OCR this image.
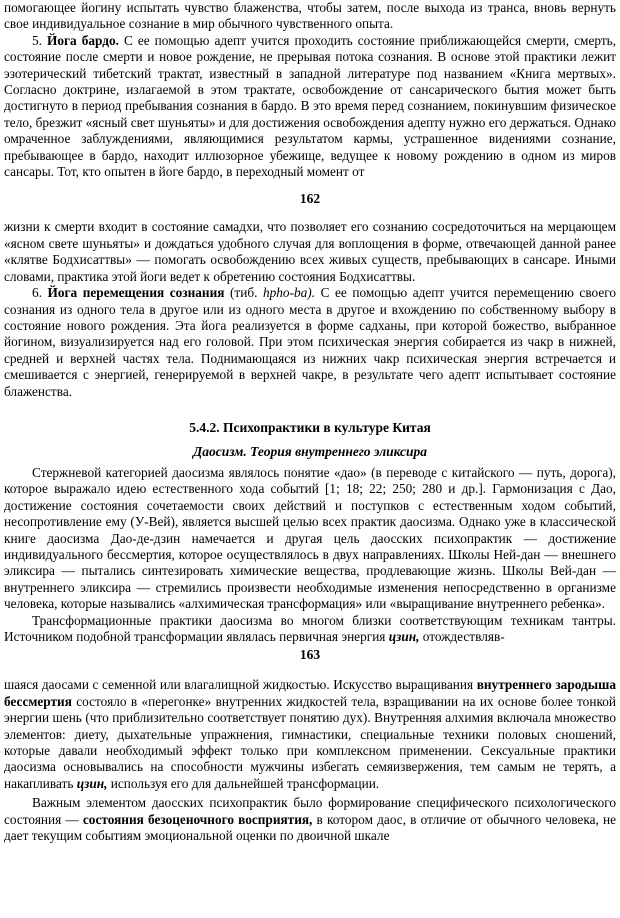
помогающее йогину испытать чувство блаженства, чтобы затем, после выхода из транса, вновь вернуть свое индивидуальное сознание в мир обычного чувственного опыта.

5. Йога бардо. С ее помощью адепт учится проходить состояние приближающейся смерти, смерть, состояние после смерти и новое рождение, не прерывая потока сознания. В основе этой практики лежит эзотерический тибетский трактат, известный в западной литературе под названием «Книга мертвых». Согласно доктрине, излагаемой в этом трактате, освобождение от сансарического бытия может быть достигнуто в период пребывания сознания в бардо. В это время перед сознанием, покинувшим физическое тело, брезжит «ясный свет шуньяты» и для достижения освобождения адепту нужно его держаться. Однако омраченное заблуждениями, являющимися результатом кармы, устрашенное видениями сознание, пребывающее в бардо, находит иллюзорное убежище, ведущее к новому рождению в одном из миров сансары. Тот, кто опытен в йоге бардо, в переходный момент от

162

жизни к смерти входит в состояние самадхи, что позволяет его сознанию сосредоточиться на мерцающем «ясном свете шуньяты» и дождаться удобного случая для воплощения в форме, отвечающей данной ранее «клятве Бодхисаттвы» — помогать освобождению всех живых существ, пребывающих в сансаре. Иными словами, практика этой йоги ведет к обретению состояния Бодхисаттвы.

6. Йога перемещения сознания (тиб. hpho-ba). С ее помощью адепт учится перемещению своего сознания из одного тела в другое или из одного места в другое и вхождению по собственному выбору в состояние нового рождения. Эта йога реализуется в форме садханы, при которой божество, выбранное йогином, визуализируется над его головой. При этом психическая энергия собирается из чакр в нижней, средней и верхней частях тела. Поднимающаяся из нижних чакр психическая энергия встречается и смешивается с энергией, генерируемой в верхней чакре, в результате чего адепт испытывает состояние блаженства.

5.4.2. Психопрактики в культуре Китая
Даосизм. Теория внутреннего эликсира

Стержневой категорией даосизма являлось понятие «дао» (в переводе с китайского — путь, дорога), которое выражало идею естественного хода событий [1; 18; 22; 250; 280 и др.]. Гармонизация с Дао, достижение состояния сочетаемости своих действий и поступков с естественным ходом событий, несопротивление ему (У-Вей), является высшей целью всех практик даосизма. Однако уже в классической книге даосизма Дао-де-дзин намечается и другая цель даосских психопрактик — достижение индивидуального бессмертия, которое осуществлялось в двух направлениях. Школы Ней-дан — внешнего эликсира — пытались синтезировать химические вещества, продлевающие жизнь. Школы Вей-дан — внутреннего эликсира — стремились произвести необходимые изменения непосредственно в организме человека, которые назывались «алхимическая трансформация» или «выращивание внутреннего ребенка».

Трансформационные практики даосизма во многом близки соответствующим техникам тантры. Источником подобной трансформации являлась первичная энергия цзин, отождествляв-

163

шаяся даосами с семенной или влагалищной жидкостью. Искусство выращивания внутреннего зародыша бессмертия состояло в «перегонке» внутренних жидкостей тела, взращивании на их основе более тонкой энергии шень (что приблизительно соответствует понятию дух). Внутренняя алхимия включала множество элементов: диету, дыхательные упражнения, гимнастики, специальные техники половых сношений, которые давали необходимый эффект только при комплексном применении. Сексуальные практики даосизма основывались на способности мужчины избегать семяизвержения, тем самым не терять, а накапливать цзин, используя его для дальнейшей трансформации.

Важным элементом даосских психопрактик было формирование специфического психологического состояния — состояния безоценочного восприятия, в котором даос, в отличие от обычного человека, не дает текущим событиям эмоциональной оценки по двоичной шкале
